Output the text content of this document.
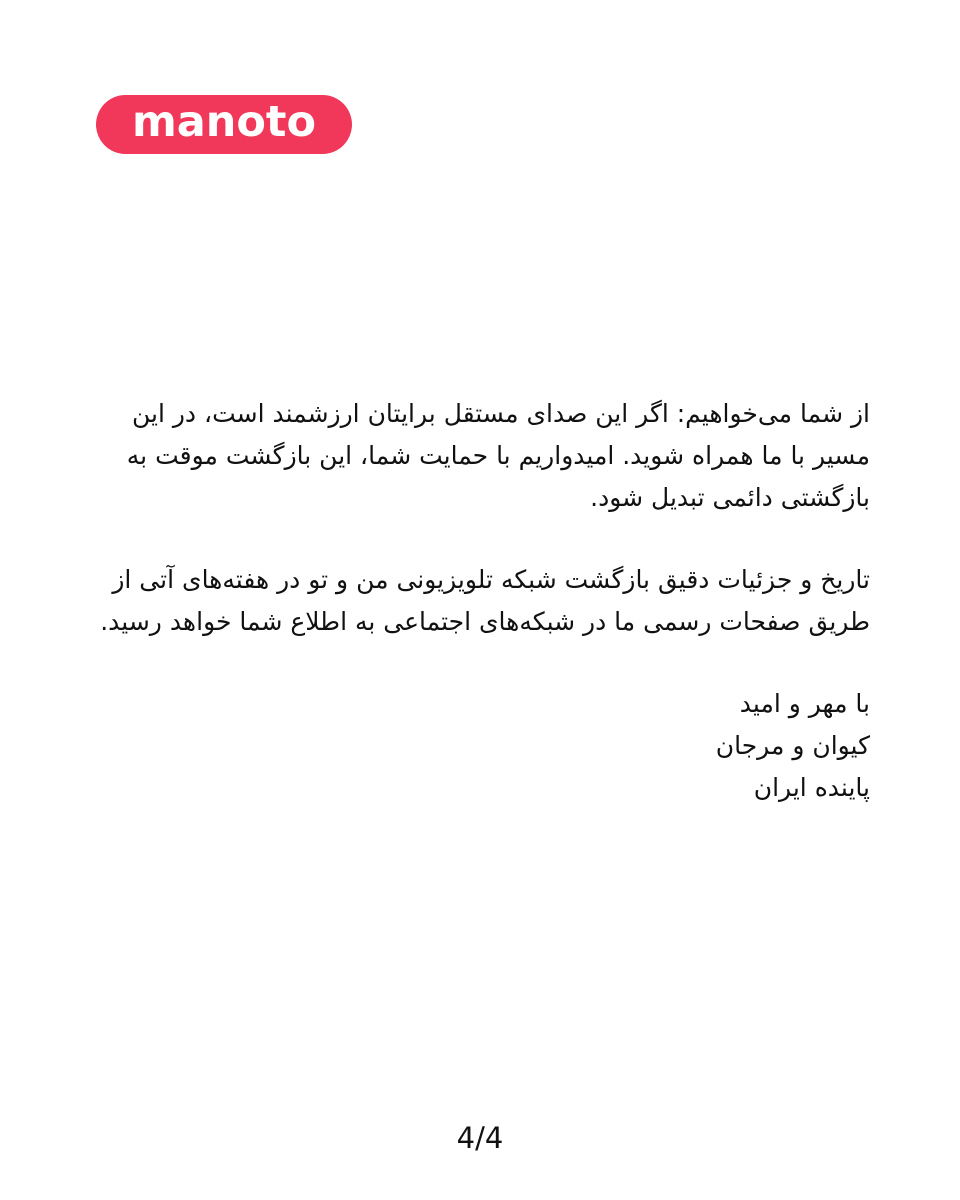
manoto

از شما می‌خواهیم: اگر این صدای مستقل برایتان ارزشمند است، در این مسیر با ما همراه شوید. امیدواریم با حمایت شما، این بازگشت موقت به بازگشتی دائمی تبدیل شود.

تاریخ و جزئیات دقیق بازگشت شبکه تلویزیونی من و تو در هفته‌های آتی از طریق صفحات رسمی ما در شبکه‌های اجتماعی به اطلاع شما خواهد رسید.

با مهر و امید
کیوان و مرجان
پاینده ایران
4/4
